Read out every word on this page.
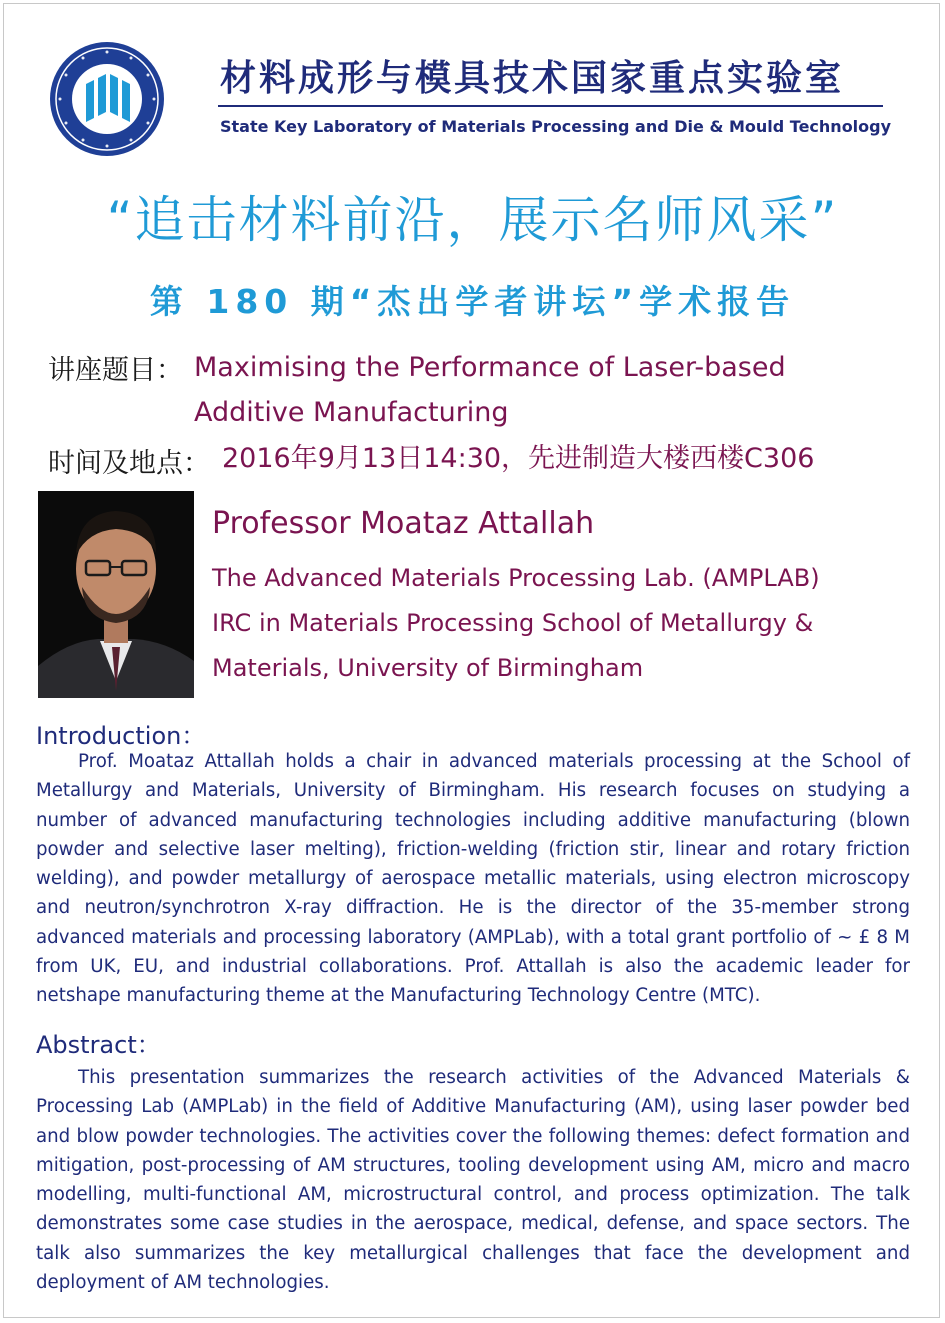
材料成形与模具技术国家重点实验室
State Key Laboratory of Materials Processing and Die & Mould Technology
“追击材料前沿，展示名师风采”
第 180 期“杰出学者讲坛”学术报告
讲座题目： Maximising the Performance of Laser-based Additive Manufacturing
时间及地点： 2016年9月13日14:30，先进制造大楼西楼C306
Professor Moataz Attallah
The Advanced Materials Processing Lab. (AMPLAB)
IRC in Materials Processing School of Metallurgy & Materials, University of Birmingham
Introduction：

Prof. Moataz Attallah holds a chair in advanced materials processing at the School of Metallurgy and Materials, University of Birmingham. His research focuses on studying a number of advanced manufacturing technologies including additive manufacturing (blown powder and selective laser melting), friction-welding (friction stir, linear and rotary friction welding), and powder metallurgy of aerospace metallic materials, using electron microscopy and neutron/synchrotron X-ray diffraction. He is the director of the 35-member strong advanced materials and processing laboratory (AMPLab), with a total grant portfolio of ~ £ 8 M from UK, EU, and industrial collaborations. Prof. Attallah is also the academic leader for netshape manufacturing theme at the Manufacturing Technology Centre (MTC).

Abstract：

This presentation summarizes the research activities of the Advanced Materials & Processing Lab (AMPLab) in the field of Additive Manufacturing (AM), using laser powder bed and blow powder technologies. The activities cover the following themes: defect formation and mitigation, post-processing of AM structures, tooling development using AM, micro and macro modelling, multi-functional AM, microstructural control, and process optimization. The talk demonstrates some case studies in the aerospace, medical, defense, and space sectors. The talk also summarizes the key metallurgical challenges that face the development and deployment of AM technologies.
